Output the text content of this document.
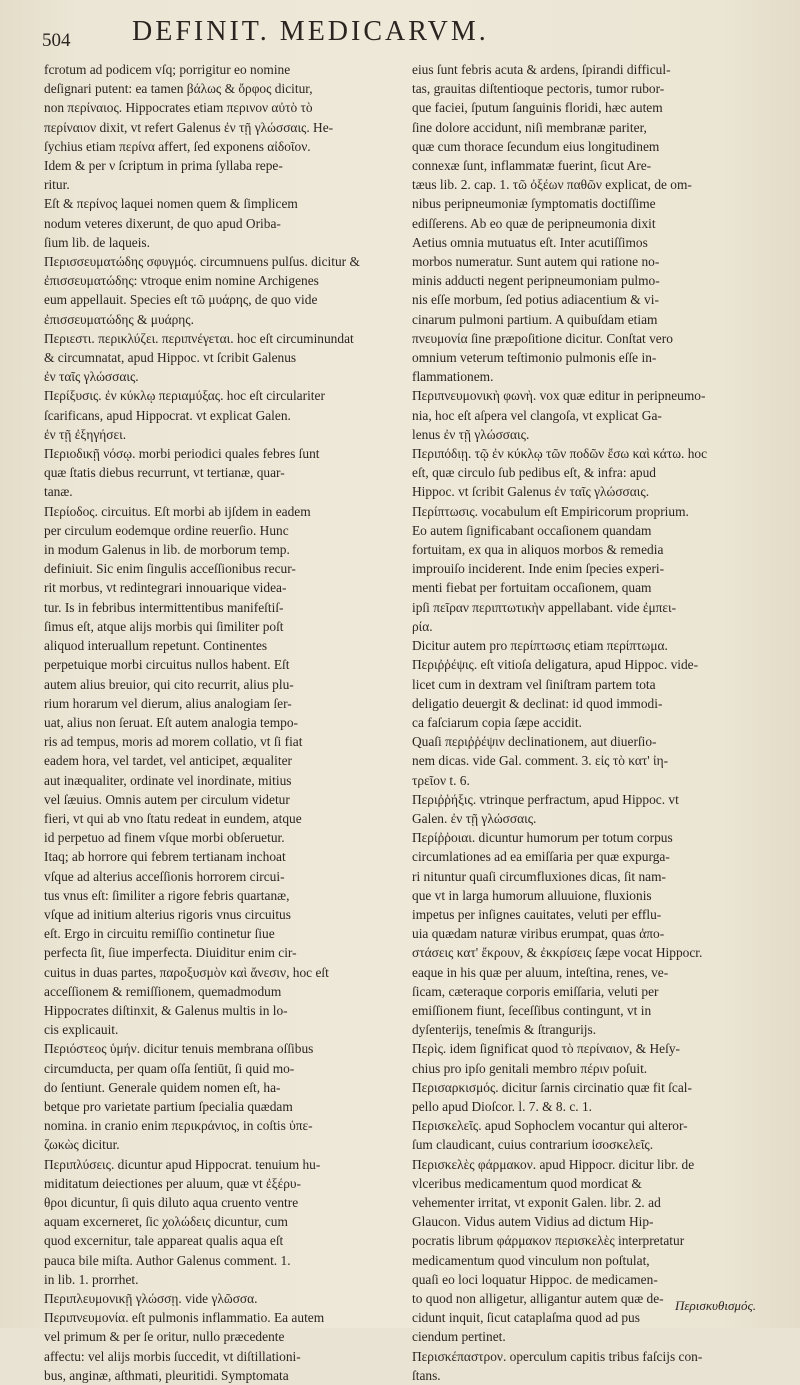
504 DEFINIT. MEDICARVM.
fcrotum ad podicem vſq; porrigitur eo nomine
deſignari putent: ea tamen βάλως & ὄρφος dicitur,
non περίναιος. Hippocrates etiam περινον αὐτὸ τὸ
περίναιον dixit, vt refert Galenus ἐν τῇ γλώσσαις. He-
ſychius etiam περίνα affert, ſed exponens αἰδοῖον.
Idem & per ν ſcriptum in prima ſyllaba repe-
ritur.
Eſt & περίνος laquei nomen quem & ſimplicem
nodum veteres dixerunt, de quo apud Oriba-
ſium lib. de laqueis.
Περισσευματώδης σφυγμός. circumnuens pulſus. dicitur &
ἐπισσευματώδης: vtroque enim nomine Archigenes
eum appellauit. Species eſt τῶ μυάρης, de quo vide
ἐπισσευματώδης & μυάρης.
Περιεστι. περικλύζει. περιπνέγεται. hoc eſt circuminundat
& circumnatat, apud Hippoc. vt ſcribit Galenus
ἐν ταῖς γλώσσαις.
Περίξυσις. ἐν κύκλῳ περιαμύξας. hoc eſt circulariter
ſcarificans, apud Hippocrat. vt explicat Galen.
ἐν τῇ ἐξηγήσει.
Περιοδικῇ νόσῳ. morbi periodici quales febres ſunt
quæ ſtatis diebus recurrunt, vt tertianæ, quar-
tanæ.
Περίοδος. circuitus. Eſt morbi ab ijſdem in eadem
per circulum eodemque ordine reuerſio. Hunc
in modum Galenus in lib. de morborum temp.
definiuit. Sic enim ſingulis acceſſionibus recur-
rit morbus, vt redintegrari innouarique videa-
tur. Is in febribus intermittentibus manifeſtiſ-
ſimus eſt, atque alijs morbis qui ſimiliter poſt
aliquod interuallum repetunt. Continentes
perpetuique morbi circuitus nullos habent. Eſt
autem alius breuior, qui cito recurrit, alius plu-
rium horarum vel dierum, alius analogiam ſer-
uat, alius non ſeruat. Eſt autem analogia tempo-
ris ad tempus, moris ad morem collatio, vt ſi fiat
eadem hora, vel tardet, vel anticipet, æqualiter
aut inæqualiter, ordinate vel inordinate, mitius
vel ſæuius. Omnis autem per circulum videtur
fieri, vt qui ab vno ſtatu redeat in eundem, atque
id perpetuo ad finem vſque morbi obſeruetur.
Itaq; ab horrore qui febrem tertianam inchoat
vſque ad alterius acceſſionis horrorem circui-
tus vnus eſt: ſimiliter a rigore febris quartanæ,
vſque ad initium alterius rigoris vnus circuitus
eſt. Ergo in circuitu remiſſio continetur ſiue
perfecta ſit, ſiue imperfecta. Diuiditur enim cir-
cuitus in duas partes, παροξυσμὸν καὶ ἄνεσιν, hoc eſt
acceſſionem & remiſſionem, quemadmodum
Hippocrates diſtinxit, & Galenus multis in lo-
cis explicauit.
Περιόστεος ὑμήν. dicitur tenuis membrana oſſibus
circumducta, per quam oſſa ſentiūt, ſi quid mo-
do ſentiunt. Generale quidem nomen eſt, ha-
betque pro varietate partium ſpecialia quædam
nomina. in cranio enim περικράνιος, in coſtis ὑπε-
ζωκὼς dicitur.
Περιπλύσεις. dicuntur apud Hippocrat. tenuium hu-
miditatum deiectiones per aluum, quæ vt ἐξέρυ-
θροι dicuntur, ſi quis diluto aqua cruento ventre
aquam excerneret, ſic χολώδεις dicuntur, cum
quod excernitur, tale appareat qualis aqua eſt
pauca bile miſta. Author Galenus comment. 1.
in lib. 1. prorrhet.
Περιπλευμονικῇ γλώσσῃ. vide γλῶσσα.
Περιπνευμονία. eſt pulmonis inflammatio. Ea autem
vel primum & per ſe oritur, nullo præcedente
affectu: vel alijs morbis ſuccedit, vt diſtillationi-
bus, anginæ, aſthmati, pleuritidi. Symptomata
eius ſunt febris acuta & ardens, ſpirandi difficul-
tas, grauitas diſtentioque pectoris, tumor rubor-
que faciei, ſputum ſanguinis floridi, hæc autem
ſine dolore accidunt, niſi membranæ pariter,
quæ cum thorace ſecundum eius longitudinem
connexæ ſunt, inflammatæ fuerint, ſicut Are-
tæus lib. 2. cap. 1. τῶ ὀξέων παθῶν explicat, de om-
nibus peripneumoniæ ſymptomatis doctiſſime
ediſſerens. Ab eo quæ de peripneumonia dixit
Aetius omnia mutuatus eſt. Inter acutiſſimos
morbos numeratur. Sunt autem qui ratione no-
minis adducti negent peripneumoniam pulmo-
nis eſſe morbum, ſed potius adiacentium & vi-
cinarum pulmoni partium. A quibuſdam etiam
πνευμονία ſine præpoſitione dicitur. Conſtat vero
omnium veterum teſtimonio pulmonis eſſe in-
flammationem.
Περιπνευμονικὴ φωνὴ. vox quæ editur in peripneumo-
nia, hoc eſt aſpera vel clangoſa, vt explicat Ga-
lenus ἐν τῇ γλώσσαις.
Περιπόδιῃ. τῷ ἐν κύκλῳ τῶν ποδῶν ἔσω καὶ κάτω. hoc
eſt, quæ circulo ſub pedibus eſt, & infra: apud
Hippoc. vt ſcribit Galenus ἐν ταῖς γλώσσαις.
Περίπτωσις. vocabulum eſt Empiricorum proprium.
Eo autem ſignificabant occaſionem quandam
fortuitam, ex qua in aliquos morbos & remedia
improuiſo inciderent. Inde enim ſpecies experi-
menti fiebat per fortuitam occaſionem, quam
ipſi πεῖραν περιπτωτικὴν appellabant. vide ἐμπει-
ρία.
Dicitur autem pro περίπτωσις etiam περίπτωμα.
Περιῤῥέψις. eſt vitioſa deligatura, apud Hippoc. vide-
licet cum in dextram vel ſiniſtram partem tota
deligatio deuergit & declinat: id quod immodi-
ca faſciarum copia ſæpe accidit.
Quaſi περιῤῥέψιν declinationem, aut diuerſio-
nem dicas. vide Gal. comment. 3. εἰς τὸ κατ' ἰη-
τρεῖον t. 6.
Περιῤῥήξις. vtrinque perfractum, apud Hippoc. vt
Galen. ἐν τῇ γλώσσαις.
Περίῤῥοιαι. dicuntur humorum per totum corpus
circumlationes ad ea emiſſaria per quæ expurga-
ri nituntur quaſi circumfluxiones dicas, ſit nam-
que vt in larga humorum alluuione, fluxionis
impetus per inſignes cauitates, veluti per efflu-
uia quædam naturæ viribus erumpat, quas ἀπο-
στάσεις κατ' ἔκρουν, & ἐκκρίσεις ſæpe vocat Hippocr.
eaque in his quæ per aluum, inteſtina, renes, ve-
ſicam, cæteraque corporis emiſſaria, veluti per
emiſſionem fiunt, ſeceſſibus contingunt, vt in
dyſenterijs, teneſmis & ſtrangurijs.
Περὶς. idem ſignificat quod τὸ περίναιον, & Heſy-
chius pro ipſo genitali membro πέριν poſuit.
Περισαρκισμός. dicitur ſarnis circinatio quæ fit ſcal-
pello apud Dioſcor. l. 7. & 8. c. 1.
Περισκελεῖς. apud Sophoclem vocantur qui alteror-
ſum claudicant, cuius contrarium ἰσοσκελεῖς.
Περισκελὲς φάρμακον. apud Hippocr. dicitur libr. de
vlceribus medicamentum quod mordicat &
vehementer irritat, vt exponit Galen. libr. 2. ad
Glaucon. Vidus autem Vidius ad dictum Hip-
pocratis librum φάρμακον περισκελὲς interpretatur
medicamentum quod vinculum non poſtulat,
quaſi eo loci loquatur Hippoc. de medicamen-
to quod non alligetur, alligantur autem quæ de-
cidunt inquit, ſicut cataplaſma quod ad pus
ciendum pertinet.
Περισκέπαστρον. operculum capitis tribus faſcijs con-
ſtans.
Περισκυθισμός.
